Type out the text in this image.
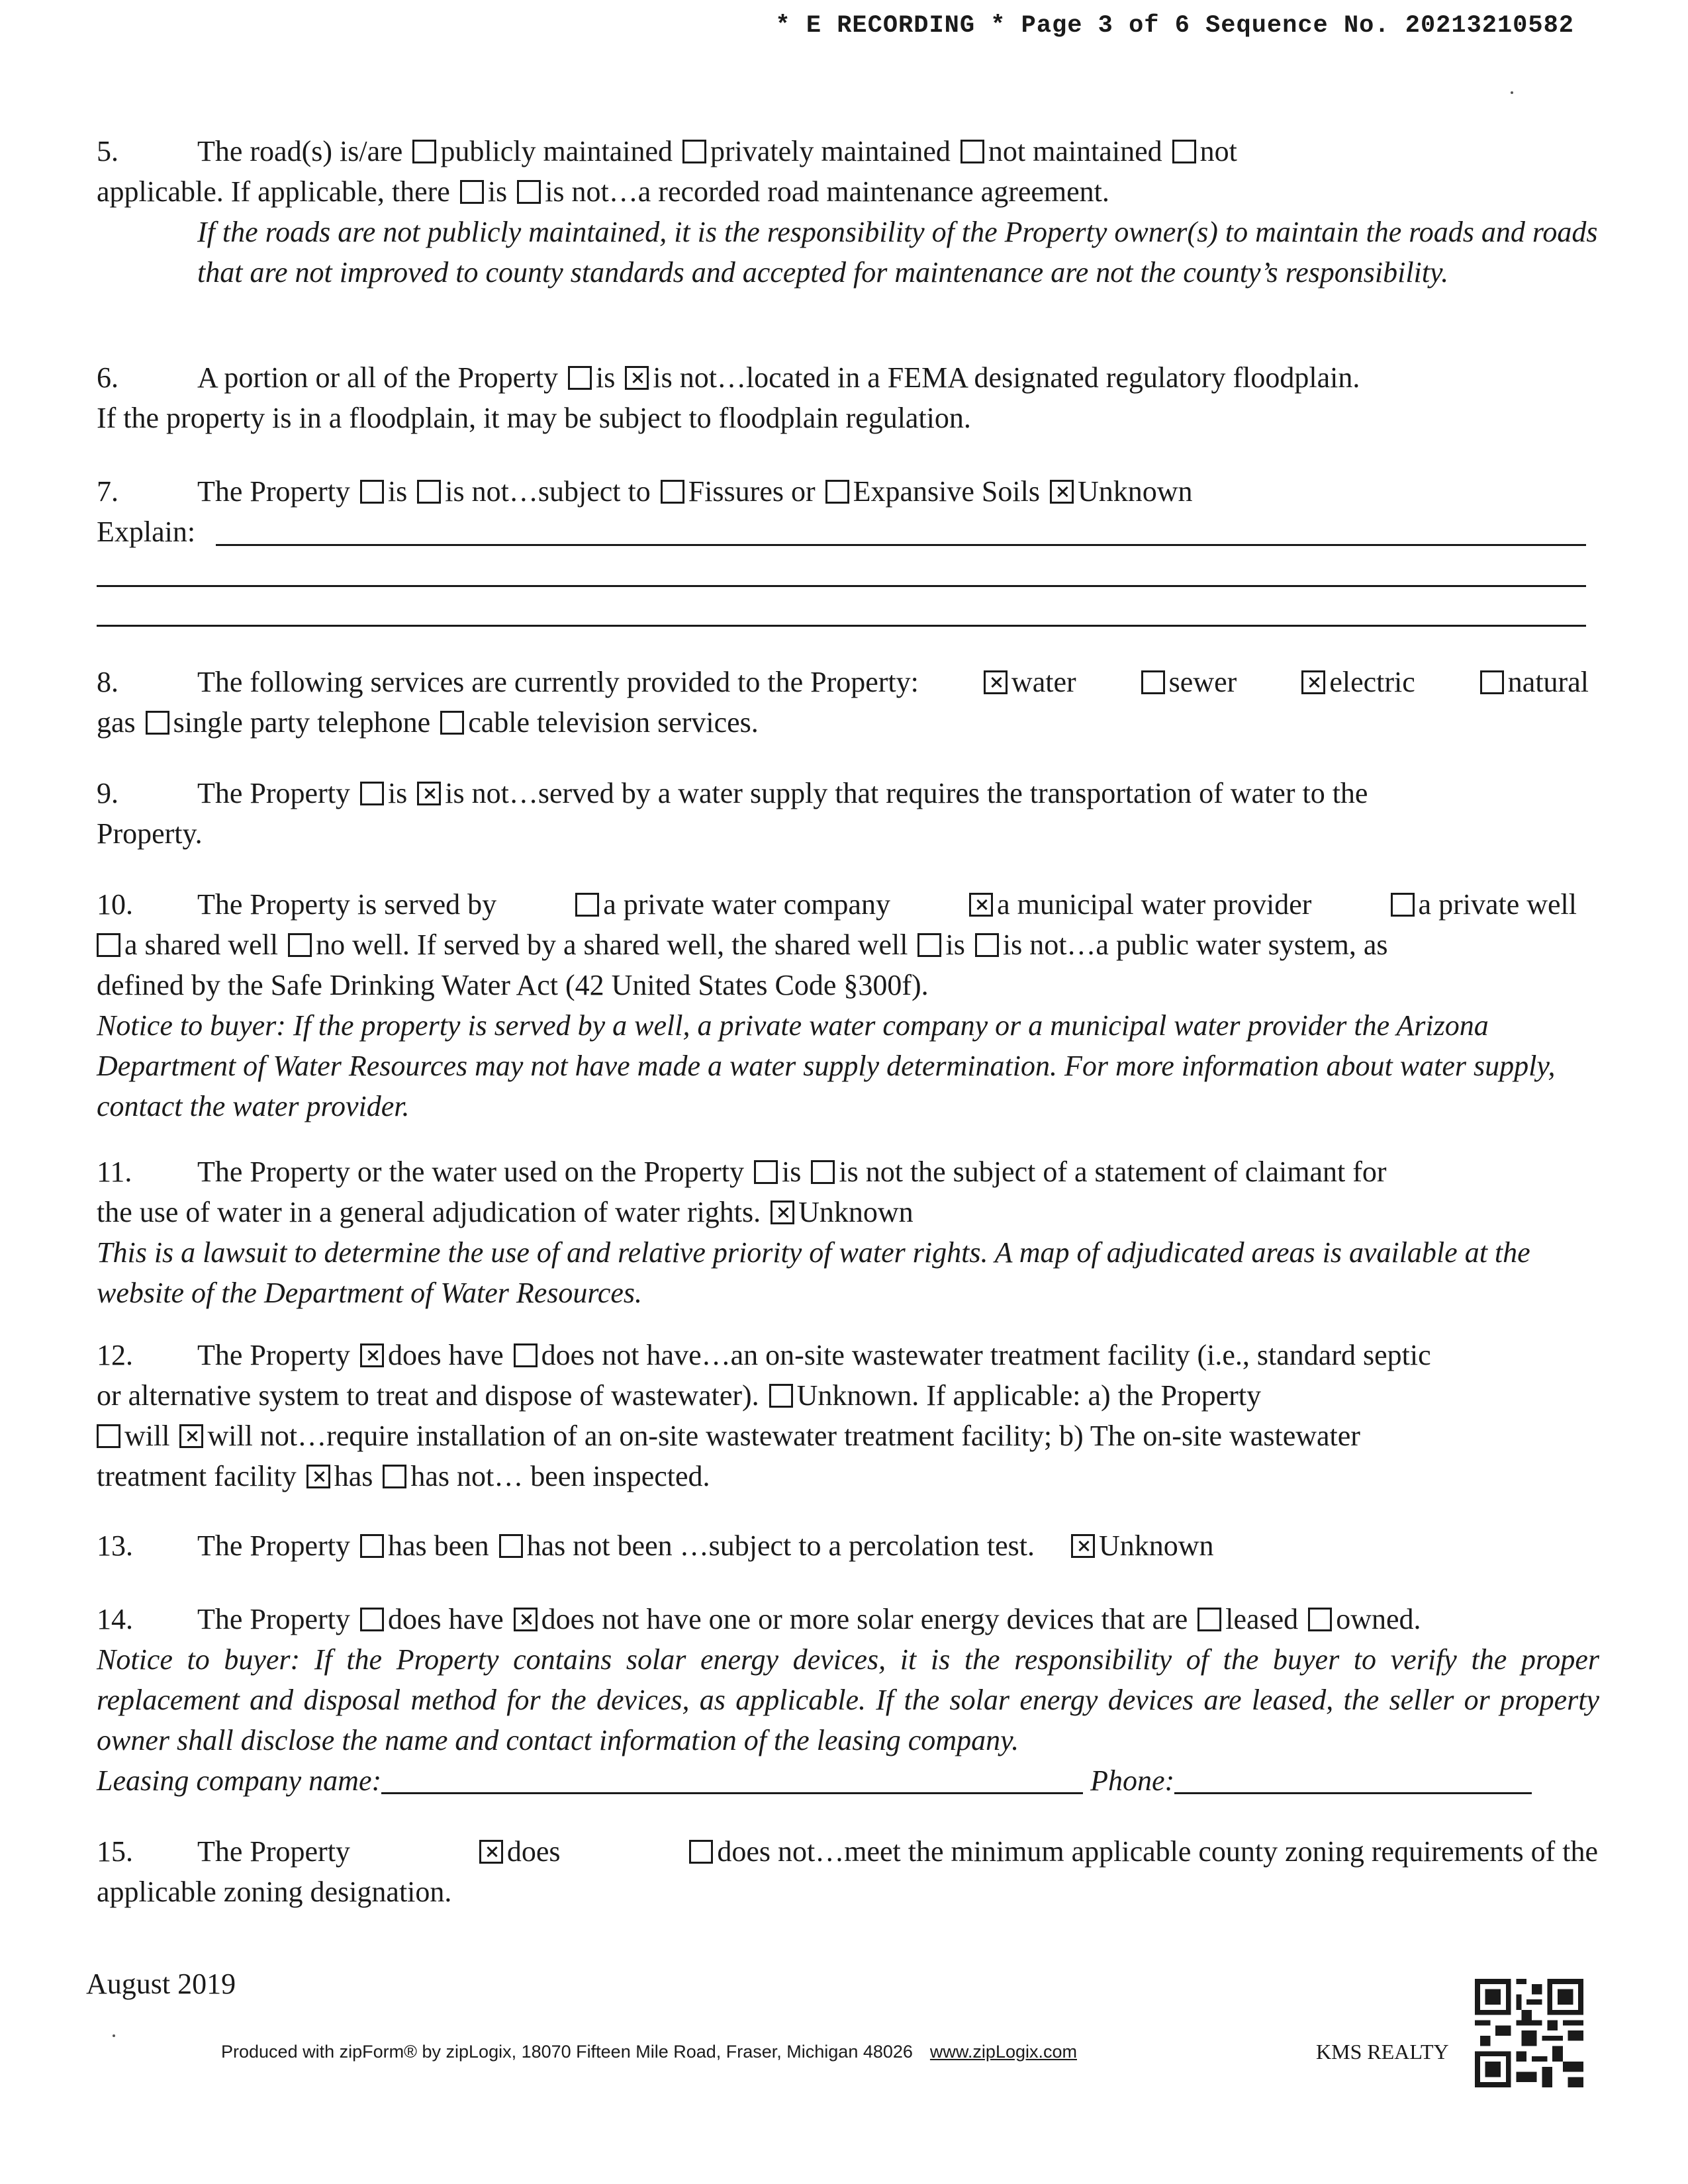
* E RECORDING * Page 3 of 6 Sequence No. 20213210582
5.	The road(s) is/are publicly maintained privately maintained not maintained not
applicable. If applicable, there is is not…a recorded road maintenance agreement.
If the roads are not publicly maintained, it is the responsibility of the Property owner(s) to maintain the roads and roads that are not improved to county standards and accepted for maintenance are not the county’s responsibility.
6.	A portion or all of the Property is is not…located in a FEMA designated regulatory floodplain.
If the property is in a floodplain, it may be subject to floodplain regulation.
7.	The Property is is not…subject to Fissures or Expansive Soils Unknown
Explain:
8.	The following services are currently provided to the Property:	water	sewer	electric	natural
gas single party telephone cable television services.
9.	The Property is is not…served by a water supply that requires the transportation of water to the
Property.
10. The Property is served by	a private water company	a municipal water provider	a private well
a shared well no well. If served by a shared well, the shared well is is not…a public water system, as
defined by the Safe Drinking Water Act (42 United States Code §300f).
Notice to buyer: If the property is served by a well, a private water company or a municipal water provider the Arizona Department of Water Resources may not have made a water supply determination. For more information about water supply, contact the water provider.
11. The Property or the water used on the Property is is not the subject of a statement of claimant for
the use of water in a general adjudication of water rights. Unknown
This is a lawsuit to determine the use of and relative priority of water rights. A map of adjudicated areas is available at the website of the Department of Water Resources.
12. The Property does have does not have…an on-site wastewater treatment facility (i.e., standard septic
or alternative system to treat and dispose of wastewater). Unknown. If applicable: a) the Property
will will not…require installation of an on-site wastewater treatment facility; b) The on-site wastewater
treatment facility has has not… been inspected.
13. The Property has been has not been …subject to a percolation test. Unknown
14. The Property does have does not have one or more solar energy devices that are leased owned.
Notice to buyer: If the Property contains solar energy devices, it is the responsibility of the buyer to verify the proper replacement and disposal method for the devices, as applicable. If the solar energy devices are leased, the seller or property owner shall disclose the name and contact information of the leasing company.
Leasing company name:	Phone:
15. The Property	does	does not…meet the minimum applicable county zoning requirements of the
applicable zoning designation.
August 2019
Produced with zipForm® by zipLogix, 18070 Fifteen Mile Road, Fraser, Michigan 48026 www.zipLogix.com	KMS REALTY
